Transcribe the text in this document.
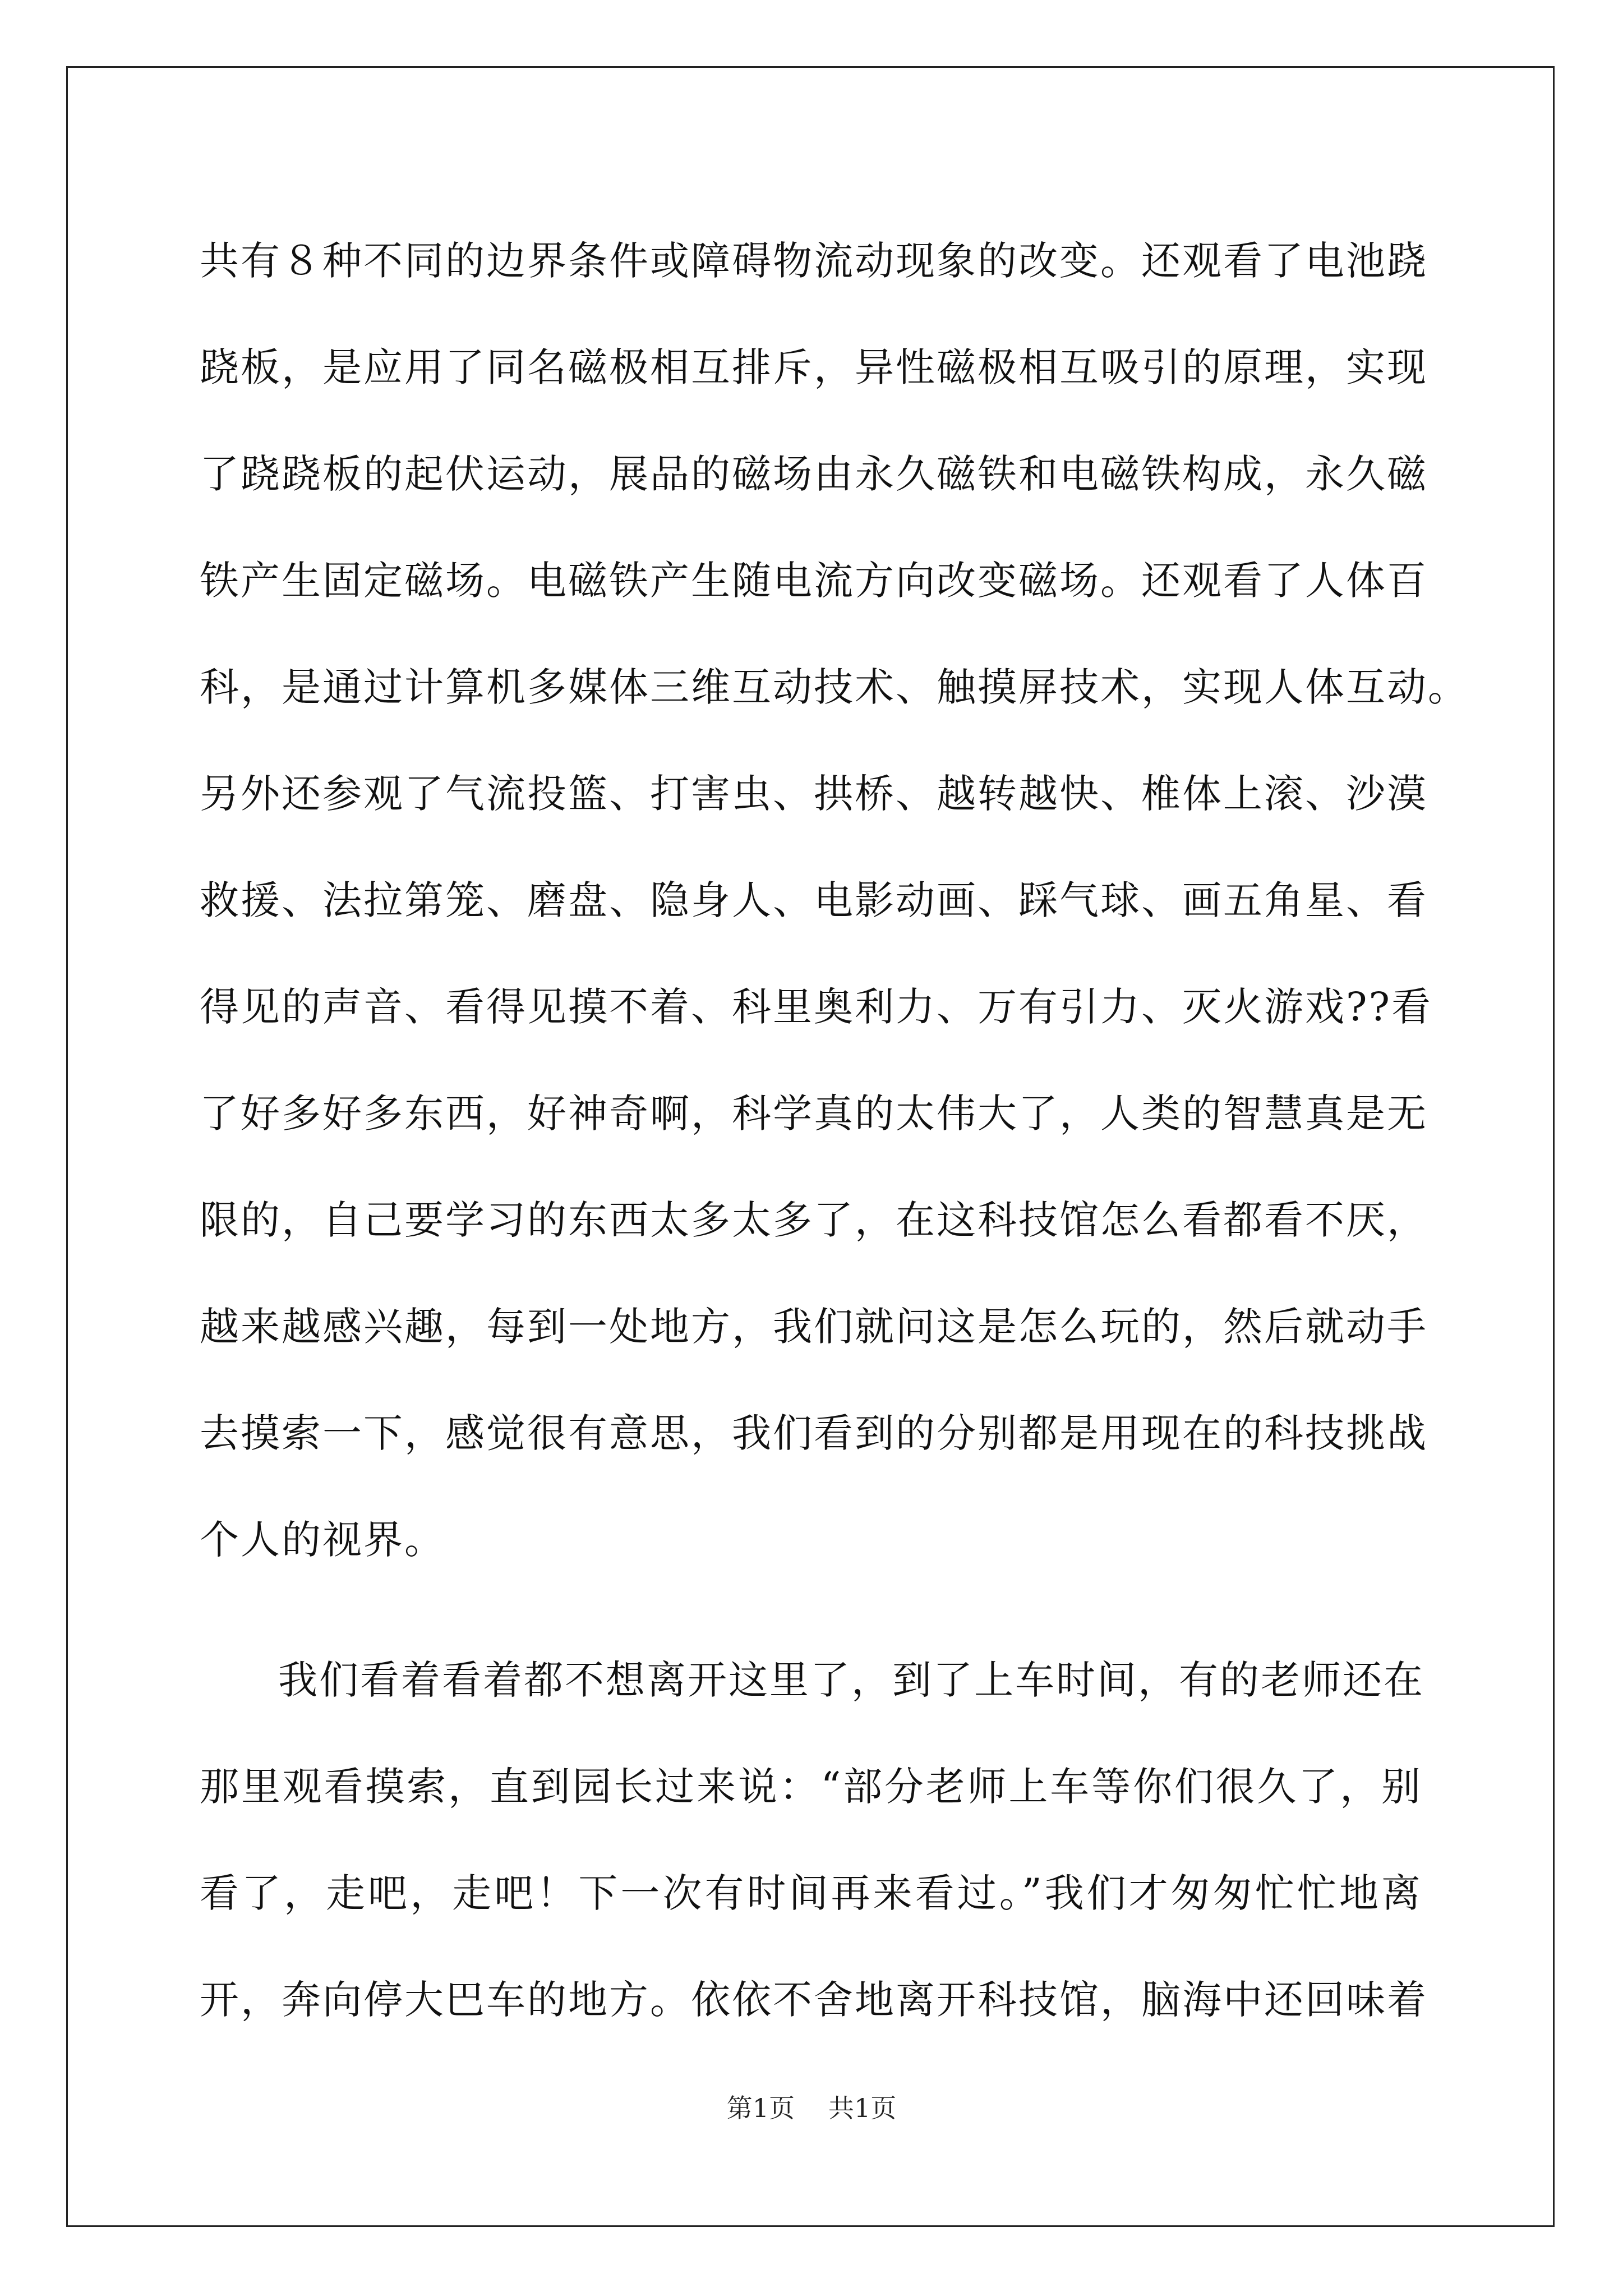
共有８种不同的边界条件或障碍物流动现象的改变。还观看了电池跷
跷板，是应用了同名磁极相互排斥，异性磁极相互吸引的原理，实现
了跷跷板的起伏运动，展品的磁场由永久磁铁和电磁铁构成，永久磁
铁产生固定磁场。电磁铁产生随电流方向改变磁场。还观看了人体百
科，是通过计算机多媒体三维互动技术、触摸屏技术，实现人体互动。
另外还参观了气流投篮、打害虫、拱桥、越转越快、椎体上滚、沙漠
救援、法拉第笼、磨盘、隐身人、电影动画、踩气球、画五角星、看
得见的声音、看得见摸不着、科里奥利力、万有引力、灭火游戏??看
了好多好多东西，好神奇啊，科学真的太伟大了，人类的智慧真是无
限的，自己要学习的东西太多太多了，在这科技馆怎么看都看不厌，
越来越感兴趣，每到一处地方，我们就问这是怎么玩的，然后就动手
去摸索一下，感觉很有意思，我们看到的分别都是用现在的科技挑战
个人的视界。
我们看着看着都不想离开这里了，到了上车时间，有的老师还在
那里观看摸索，直到园长过来说：“部分老师上车等你们很久了，别
看了，走吧，走吧！下一次有时间再来看过。”我们才匆匆忙忙地离
开，奔向停大巴车的地方。依依不舍地离开科技馆，脑海中还回味着
第1页 共1页
